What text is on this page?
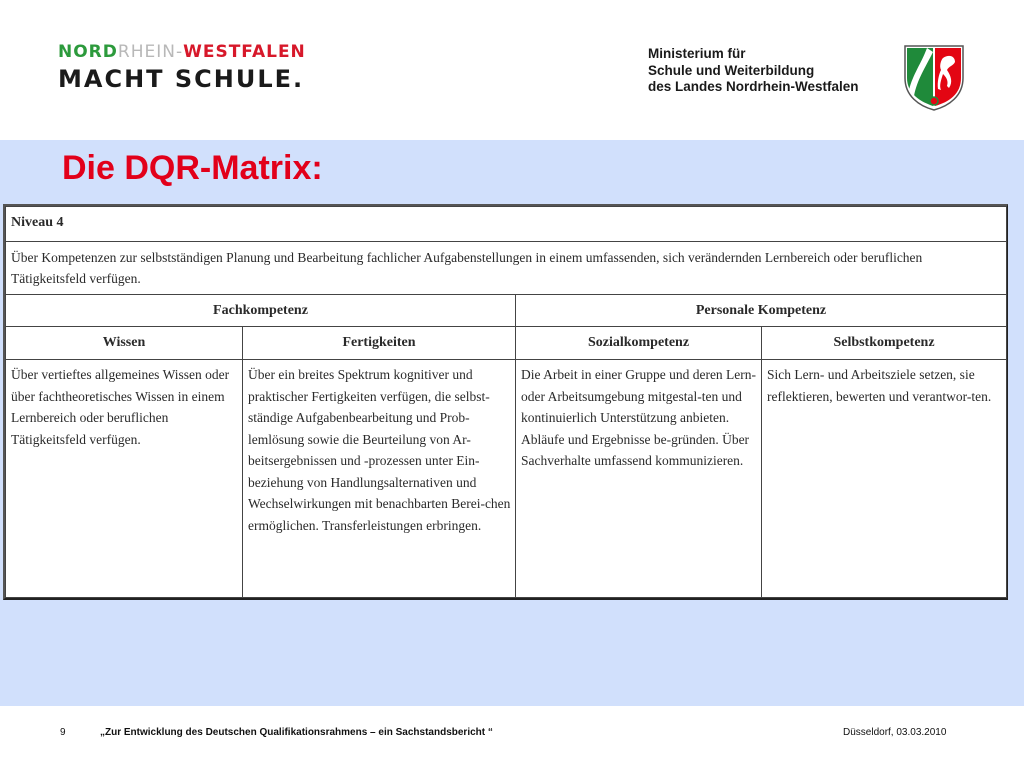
NORDRHEIN-WESTFALEN
MACHT SCHULE.
Ministerium für
Schule und Weiterbildung
des Landes Nordrhein-Westfalen
Die DQR-Matrix:
Niveau 4			
Über Kompetenzen zur selbstständigen Planung und Bearbeitung fachlicher Aufgabenstellungen in einem umfassenden, sich verändernden Lernbereich oder beruflichen Tätigkeitsfeld verfügen.			
Fachkompetenz		Personale Kompetenz	
Wissen	Fertigkeiten	Sozialkompetenz	Selbstkompetenz
Über vertieftes allgemeines Wissen oder über fachtheoretisches Wissen in einem Lernbereich oder beruflichen Tätigkeitsfeld verfügen.	Über ein breites Spektrum kognitiver und praktischer Fertigkeiten verfügen, die selbst-ständige Aufgabenbearbeitung und Prob-lemlösung sowie die Beurteilung von Ar-beitsergebnissen und -prozessen unter Ein-beziehung von Handlungsalternativen und Wechselwirkungen mit benachbarten Berei-chen ermöglichen. Transferleistungen erbringen.	Die Arbeit in einer Gruppe und deren Lern- oder Arbeitsumgebung mitgestal-ten und kontinuierlich Unterstützung anbieten. Abläufe und Ergebnisse be-gründen. Über Sachverhalte umfassend kommunizieren.	Sich Lern- und Arbeitsziele setzen, sie reflektieren, bewerten und verantwor-ten.
9	„Zur Entwicklung des Deutschen Qualifikationsrahmens – ein Sachstandsbericht “	Düsseldorf, 03.03.2010
